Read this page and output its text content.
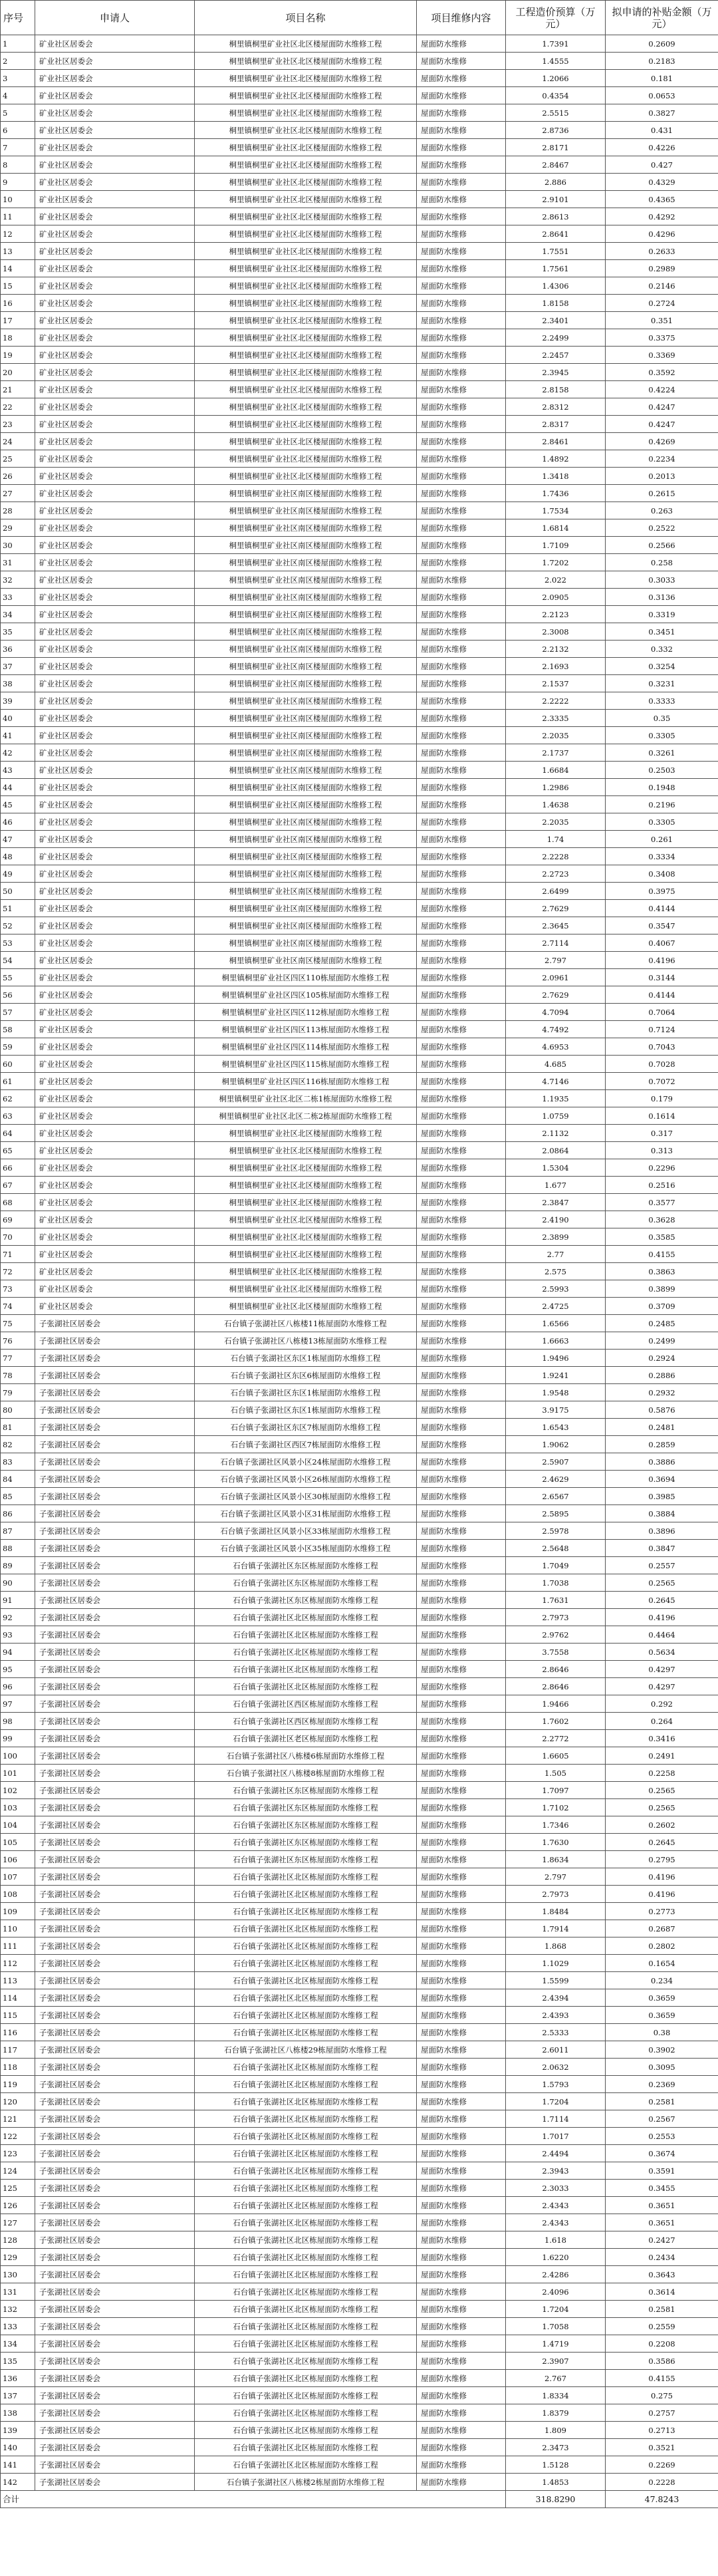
序号	申请人	项目名称	项目维修内容	工程造价预算（万元）	拟申请的补贴金额（万元）
1	矿业社区居委会	桐里镇桐里矿业社区北区楼屋面防水维修工程	屋面防水维修	1.7391	0.2609
2	矿业社区居委会	桐里镇桐里矿业社区北区楼屋面防水维修工程	屋面防水维修	1.4555	0.2183
3	矿业社区居委会	桐里镇桐里矿业社区北区楼屋面防水维修工程	屋面防水维修	1.2066	0.181
4	矿业社区居委会	桐里镇桐里矿业社区北区楼屋面防水维修工程	屋面防水维修	0.4354	0.0653
5	矿业社区居委会	桐里镇桐里矿业社区北区楼屋面防水维修工程	屋面防水维修	2.5515	0.3827
6	矿业社区居委会	桐里镇桐里矿业社区北区楼屋面防水维修工程	屋面防水维修	2.8736	0.431
7	矿业社区居委会	桐里镇桐里矿业社区北区楼屋面防水维修工程	屋面防水维修	2.8171	0.4226
8	矿业社区居委会	桐里镇桐里矿业社区北区楼屋面防水维修工程	屋面防水维修	2.8467	0.427
9	矿业社区居委会	桐里镇桐里矿业社区北区楼屋面防水维修工程	屋面防水维修	2.886	0.4329
10	矿业社区居委会	桐里镇桐里矿业社区北区楼屋面防水维修工程	屋面防水维修	2.9101	0.4365
11	矿业社区居委会	桐里镇桐里矿业社区北区楼屋面防水维修工程	屋面防水维修	2.8613	0.4292
12	矿业社区居委会	桐里镇桐里矿业社区北区楼屋面防水维修工程	屋面防水维修	2.8641	0.4296
13	矿业社区居委会	桐里镇桐里矿业社区北区楼屋面防水维修工程	屋面防水维修	1.7551	0.2633
14	矿业社区居委会	桐里镇桐里矿业社区北区楼屋面防水维修工程	屋面防水维修	1.7561	0.2989
15	矿业社区居委会	桐里镇桐里矿业社区北区楼屋面防水维修工程	屋面防水维修	1.4306	0.2146
16	矿业社区居委会	桐里镇桐里矿业社区北区楼屋面防水维修工程	屋面防水维修	1.8158	0.2724
17	矿业社区居委会	桐里镇桐里矿业社区北区楼屋面防水维修工程	屋面防水维修	2.3401	0.351
18	矿业社区居委会	桐里镇桐里矿业社区北区楼屋面防水维修工程	屋面防水维修	2.2499	0.3375
19	矿业社区居委会	桐里镇桐里矿业社区北区楼屋面防水维修工程	屋面防水维修	2.2457	0.3369
20	矿业社区居委会	桐里镇桐里矿业社区北区楼屋面防水维修工程	屋面防水维修	2.3945	0.3592
21	矿业社区居委会	桐里镇桐里矿业社区北区楼屋面防水维修工程	屋面防水维修	2.8158	0.4224
22	矿业社区居委会	桐里镇桐里矿业社区北区楼屋面防水维修工程	屋面防水维修	2.8312	0.4247
23	矿业社区居委会	桐里镇桐里矿业社区北区楼屋面防水维修工程	屋面防水维修	2.8317	0.4247
24	矿业社区居委会	桐里镇桐里矿业社区北区楼屋面防水维修工程	屋面防水维修	2.8461	0.4269
25	矿业社区居委会	桐里镇桐里矿业社区北区楼屋面防水维修工程	屋面防水维修	1.4892	0.2234
26	矿业社区居委会	桐里镇桐里矿业社区北区楼屋面防水维修工程	屋面防水维修	1.3418	0.2013
27	矿业社区居委会	桐里镇桐里矿业社区南区楼屋面防水维修工程	屋面防水维修	1.7436	0.2615
28	矿业社区居委会	桐里镇桐里矿业社区南区楼屋面防水维修工程	屋面防水维修	1.7534	0.263
29	矿业社区居委会	桐里镇桐里矿业社区南区楼屋面防水维修工程	屋面防水维修	1.6814	0.2522
30	矿业社区居委会	桐里镇桐里矿业社区南区楼屋面防水维修工程	屋面防水维修	1.7109	0.2566
31	矿业社区居委会	桐里镇桐里矿业社区南区楼屋面防水维修工程	屋面防水维修	1.7202	0.258
32	矿业社区居委会	桐里镇桐里矿业社区南区楼屋面防水维修工程	屋面防水维修	2.022	0.3033
33	矿业社区居委会	桐里镇桐里矿业社区南区楼屋面防水维修工程	屋面防水维修	2.0905	0.3136
34	矿业社区居委会	桐里镇桐里矿业社区南区楼屋面防水维修工程	屋面防水维修	2.2123	0.3319
35	矿业社区居委会	桐里镇桐里矿业社区南区楼屋面防水维修工程	屋面防水维修	2.3008	0.3451
36	矿业社区居委会	桐里镇桐里矿业社区南区楼屋面防水维修工程	屋面防水维修	2.2132	0.332
37	矿业社区居委会	桐里镇桐里矿业社区南区楼屋面防水维修工程	屋面防水维修	2.1693	0.3254
38	矿业社区居委会	桐里镇桐里矿业社区南区楼屋面防水维修工程	屋面防水维修	2.1537	0.3231
39	矿业社区居委会	桐里镇桐里矿业社区南区楼屋面防水维修工程	屋面防水维修	2.2222	0.3333
40	矿业社区居委会	桐里镇桐里矿业社区南区楼屋面防水维修工程	屋面防水维修	2.3335	0.35
41	矿业社区居委会	桐里镇桐里矿业社区南区楼屋面防水维修工程	屋面防水维修	2.2035	0.3305
42	矿业社区居委会	桐里镇桐里矿业社区南区楼屋面防水维修工程	屋面防水维修	2.1737	0.3261
43	矿业社区居委会	桐里镇桐里矿业社区南区楼屋面防水维修工程	屋面防水维修	1.6684	0.2503
44	矿业社区居委会	桐里镇桐里矿业社区南区楼屋面防水维修工程	屋面防水维修	1.2986	0.1948
45	矿业社区居委会	桐里镇桐里矿业社区南区楼屋面防水维修工程	屋面防水维修	1.4638	0.2196
46	矿业社区居委会	桐里镇桐里矿业社区南区楼屋面防水维修工程	屋面防水维修	2.2035	0.3305
47	矿业社区居委会	桐里镇桐里矿业社区南区楼屋面防水维修工程	屋面防水维修	1.74	0.261
48	矿业社区居委会	桐里镇桐里矿业社区南区楼屋面防水维修工程	屋面防水维修	2.2228	0.3334
49	矿业社区居委会	桐里镇桐里矿业社区南区楼屋面防水维修工程	屋面防水维修	2.2723	0.3408
50	矿业社区居委会	桐里镇桐里矿业社区南区楼屋面防水维修工程	屋面防水维修	2.6499	0.3975
51	矿业社区居委会	桐里镇桐里矿业社区南区楼屋面防水维修工程	屋面防水维修	2.7629	0.4144
52	矿业社区居委会	桐里镇桐里矿业社区南区楼屋面防水维修工程	屋面防水维修	2.3645	0.3547
53	矿业社区居委会	桐里镇桐里矿业社区南区楼屋面防水维修工程	屋面防水维修	2.7114	0.4067
54	矿业社区居委会	桐里镇桐里矿业社区南区楼屋面防水维修工程	屋面防水维修	2.797	0.4196
55	矿业社区居委会	桐里镇桐里矿业社区四区110栋屋面防水维修工程	屋面防水维修	2.0961	0.3144
56	矿业社区居委会	桐里镇桐里矿业社区四区105栋屋面防水维修工程	屋面防水维修	2.7629	0.4144
57	矿业社区居委会	桐里镇桐里矿业社区四区112栋屋面防水维修工程	屋面防水维修	4.7094	0.7064
58	矿业社区居委会	桐里镇桐里矿业社区四区113栋屋面防水维修工程	屋面防水维修	4.7492	0.7124
59	矿业社区居委会	桐里镇桐里矿业社区四区114栋屋面防水维修工程	屋面防水维修	4.6953	0.7043
60	矿业社区居委会	桐里镇桐里矿业社区四区115栋屋面防水维修工程	屋面防水维修	4.685	0.7028
61	矿业社区居委会	桐里镇桐里矿业社区四区116栋屋面防水维修工程	屋面防水维修	4.7146	0.7072
62	矿业社区居委会	桐里镇桐里矿业社区北区二栋1栋屋面防水维修工程	屋面防水维修	1.1935	0.179
63	矿业社区居委会	桐里镇桐里矿业社区北区二栋2栋屋面防水维修工程	屋面防水维修	1.0759	0.1614
64	矿业社区居委会	桐里镇桐里矿业社区北区楼屋面防水维修工程	屋面防水维修	2.1132	0.317
65	矿业社区居委会	桐里镇桐里矿业社区北区楼屋面防水维修工程	屋面防水维修	2.0864	0.313
66	矿业社区居委会	桐里镇桐里矿业社区北区楼屋面防水维修工程	屋面防水维修	1.5304	0.2296
67	矿业社区居委会	桐里镇桐里矿业社区北区楼屋面防水维修工程	屋面防水维修	1.677	0.2516
68	矿业社区居委会	桐里镇桐里矿业社区北区楼屋面防水维修工程	屋面防水维修	2.3847	0.3577
69	矿业社区居委会	桐里镇桐里矿业社区北区楼屋面防水维修工程	屋面防水维修	2.4190	0.3628
70	矿业社区居委会	桐里镇桐里矿业社区北区楼屋面防水维修工程	屋面防水维修	2.3899	0.3585
71	矿业社区居委会	桐里镇桐里矿业社区北区楼屋面防水维修工程	屋面防水维修	2.77	0.4155
72	矿业社区居委会	桐里镇桐里矿业社区北区楼屋面防水维修工程	屋面防水维修	2.575	0.3863
73	矿业社区居委会	桐里镇桐里矿业社区北区楼屋面防水维修工程	屋面防水维修	2.5993	0.3899
74	矿业社区居委会	桐里镇桐里矿业社区北区楼屋面防水维修工程	屋面防水维修	2.4725	0.3709
75	子张湖社区居委会	石台镇子张湖社区八栋楼11栋屋面防水维修工程	屋面防水维修	1.6566	0.2485
76	子张湖社区居委会	石台镇子张湖社区八栋楼13栋屋面防水维修工程	屋面防水维修	1.6663	0.2499
77	子张湖社区居委会	石台镇子张湖社区东区1栋屋面防水维修工程	屋面防水维修	1.9496	0.2924
78	子张湖社区居委会	石台镇子张湖社区东区6栋屋面防水维修工程	屋面防水维修	1.9241	0.2886
79	子张湖社区居委会	石台镇子张湖社区东区1栋屋面防水维修工程	屋面防水维修	1.9548	0.2932
80	子张湖社区居委会	石台镇子张湖社区东区1栋屋面防水维修工程	屋面防水维修	3.9175	0.5876
81	子张湖社区居委会	石台镇子张湖社区东区7栋屋面防水维修工程	屋面防水维修	1.6543	0.2481
82	子张湖社区居委会	石台镇子张湖社区西区7栋屋面防水维修工程	屋面防水维修	1.9062	0.2859
83	子张湖社区居委会	石台镇子张湖社区风景小区24栋屋面防水维修工程	屋面防水维修	2.5907	0.3886
84	子张湖社区居委会	石台镇子张湖社区风景小区26栋屋面防水维修工程	屋面防水维修	2.4629	0.3694
85	子张湖社区居委会	石台镇子张湖社区风景小区30栋屋面防水维修工程	屋面防水维修	2.6567	0.3985
86	子张湖社区居委会	石台镇子张湖社区风景小区31栋屋面防水维修工程	屋面防水维修	2.5895	0.3884
87	子张湖社区居委会	石台镇子张湖社区风景小区33栋屋面防水维修工程	屋面防水维修	2.5978	0.3896
88	子张湖社区居委会	石台镇子张湖社区风景小区35栋屋面防水维修工程	屋面防水维修	2.5648	0.3847
89	子张湖社区居委会	石台镇子张湖社区东区栋屋面防水维修工程	屋面防水维修	1.7049	0.2557
90	子张湖社区居委会	石台镇子张湖社区东区栋屋面防水维修工程	屋面防水维修	1.7038	0.2565
91	子张湖社区居委会	石台镇子张湖社区东区栋屋面防水维修工程	屋面防水维修	1.7631	0.2645
92	子张湖社区居委会	石台镇子张湖社区北区栋屋面防水维修工程	屋面防水维修	2.7973	0.4196
93	子张湖社区居委会	石台镇子张湖社区北区栋屋面防水维修工程	屋面防水维修	2.9762	0.4464
94	子张湖社区居委会	石台镇子张湖社区北区栋屋面防水维修工程	屋面防水维修	3.7558	0.5634
95	子张湖社区居委会	石台镇子张湖社区北区栋屋面防水维修工程	屋面防水维修	2.8646	0.4297
96	子张湖社区居委会	石台镇子张湖社区北区栋屋面防水维修工程	屋面防水维修	2.8646	0.4297
97	子张湖社区居委会	石台镇子张湖社区西区栋屋面防水维修工程	屋面防水维修	1.9466	0.292
98	子张湖社区居委会	石台镇子张湖社区西区栋屋面防水维修工程	屋面防水维修	1.7602	0.264
99	子张湖社区居委会	石台镇子张湖社区老区栋屋面防水维修工程	屋面防水维修	2.2772	0.3416
100	子张湖社区居委会	石台镇子张湖社区八栋楼6栋屋面防水维修工程	屋面防水维修	1.6605	0.2491
101	子张湖社区居委会	石台镇子张湖社区八栋楼8栋屋面防水维修工程	屋面防水维修	1.505	0.2258
102	子张湖社区居委会	石台镇子张湖社区东区栋屋面防水维修工程	屋面防水维修	1.7097	0.2565
103	子张湖社区居委会	石台镇子张湖社区东区栋屋面防水维修工程	屋面防水维修	1.7102	0.2565
104	子张湖社区居委会	石台镇子张湖社区东区栋屋面防水维修工程	屋面防水维修	1.7346	0.2602
105	子张湖社区居委会	石台镇子张湖社区东区栋屋面防水维修工程	屋面防水维修	1.7630	0.2645
106	子张湖社区居委会	石台镇子张湖社区东区栋屋面防水维修工程	屋面防水维修	1.8634	0.2795
107	子张湖社区居委会	石台镇子张湖社区北区栋屋面防水维修工程	屋面防水维修	2.797	0.4196
108	子张湖社区居委会	石台镇子张湖社区北区栋屋面防水维修工程	屋面防水维修	2.7973	0.4196
109	子张湖社区居委会	石台镇子张湖社区北区栋屋面防水维修工程	屋面防水维修	1.8484	0.2773
110	子张湖社区居委会	石台镇子张湖社区北区栋屋面防水维修工程	屋面防水维修	1.7914	0.2687
111	子张湖社区居委会	石台镇子张湖社区北区栋屋面防水维修工程	屋面防水维修	1.868	0.2802
112	子张湖社区居委会	石台镇子张湖社区北区栋屋面防水维修工程	屋面防水维修	1.1029	0.1654
113	子张湖社区居委会	石台镇子张湖社区北区栋屋面防水维修工程	屋面防水维修	1.5599	0.234
114	子张湖社区居委会	石台镇子张湖社区北区栋屋面防水维修工程	屋面防水维修	2.4394	0.3659
115	子张湖社区居委会	石台镇子张湖社区北区栋屋面防水维修工程	屋面防水维修	2.4393	0.3659
116	子张湖社区居委会	石台镇子张湖社区北区栋屋面防水维修工程	屋面防水维修	2.5333	0.38
117	子张湖社区居委会	石台镇子张湖社区八栋楼29栋屋面防水维修工程	屋面防水维修	2.6011	0.3902
118	子张湖社区居委会	石台镇子张湖社区北区栋屋面防水维修工程	屋面防水维修	2.0632	0.3095
119	子张湖社区居委会	石台镇子张湖社区北区栋屋面防水维修工程	屋面防水维修	1.5793	0.2369
120	子张湖社区居委会	石台镇子张湖社区北区栋屋面防水维修工程	屋面防水维修	1.7204	0.2581
121	子张湖社区居委会	石台镇子张湖社区北区栋屋面防水维修工程	屋面防水维修	1.7114	0.2567
122	子张湖社区居委会	石台镇子张湖社区北区栋屋面防水维修工程	屋面防水维修	1.7017	0.2553
123	子张湖社区居委会	石台镇子张湖社区北区栋屋面防水维修工程	屋面防水维修	2.4494	0.3674
124	子张湖社区居委会	石台镇子张湖社区北区栋屋面防水维修工程	屋面防水维修	2.3943	0.3591
125	子张湖社区居委会	石台镇子张湖社区北区栋屋面防水维修工程	屋面防水维修	2.3033	0.3455
126	子张湖社区居委会	石台镇子张湖社区北区栋屋面防水维修工程	屋面防水维修	2.4343	0.3651
127	子张湖社区居委会	石台镇子张湖社区北区栋屋面防水维修工程	屋面防水维修	2.4343	0.3651
128	子张湖社区居委会	石台镇子张湖社区北区栋屋面防水维修工程	屋面防水维修	1.618	0.2427
129	子张湖社区居委会	石台镇子张湖社区北区栋屋面防水维修工程	屋面防水维修	1.6220	0.2434
130	子张湖社区居委会	石台镇子张湖社区北区栋屋面防水维修工程	屋面防水维修	2.4286	0.3643
131	子张湖社区居委会	石台镇子张湖社区北区栋屋面防水维修工程	屋面防水维修	2.4096	0.3614
132	子张湖社区居委会	石台镇子张湖社区北区栋屋面防水维修工程	屋面防水维修	1.7204	0.2581
133	子张湖社区居委会	石台镇子张湖社区北区栋屋面防水维修工程	屋面防水维修	1.7058	0.2559
134	子张湖社区居委会	石台镇子张湖社区北区栋屋面防水维修工程	屋面防水维修	1.4719	0.2208
135	子张湖社区居委会	石台镇子张湖社区北区栋屋面防水维修工程	屋面防水维修	2.3907	0.3586
136	子张湖社区居委会	石台镇子张湖社区北区栋屋面防水维修工程	屋面防水维修	2.767	0.4155
137	子张湖社区居委会	石台镇子张湖社区北区栋屋面防水维修工程	屋面防水维修	1.8334	0.275
138	子张湖社区居委会	石台镇子张湖社区北区栋屋面防水维修工程	屋面防水维修	1.8379	0.2757
139	子张湖社区居委会	石台镇子张湖社区北区栋屋面防水维修工程	屋面防水维修	1.809	0.2713
140	子张湖社区居委会	石台镇子张湖社区北区栋屋面防水维修工程	屋面防水维修	2.3473	0.3521
141	子张湖社区居委会	石台镇子张湖社区北区栋屋面防水维修工程	屋面防水维修	1.5128	0.2269
142	子张湖社区居委会	石台镇子张湖社区八栋楼2栋屋面防水维修工程	屋面防水维修	1.4853	0.2228
合计				318.8290	47.8243
